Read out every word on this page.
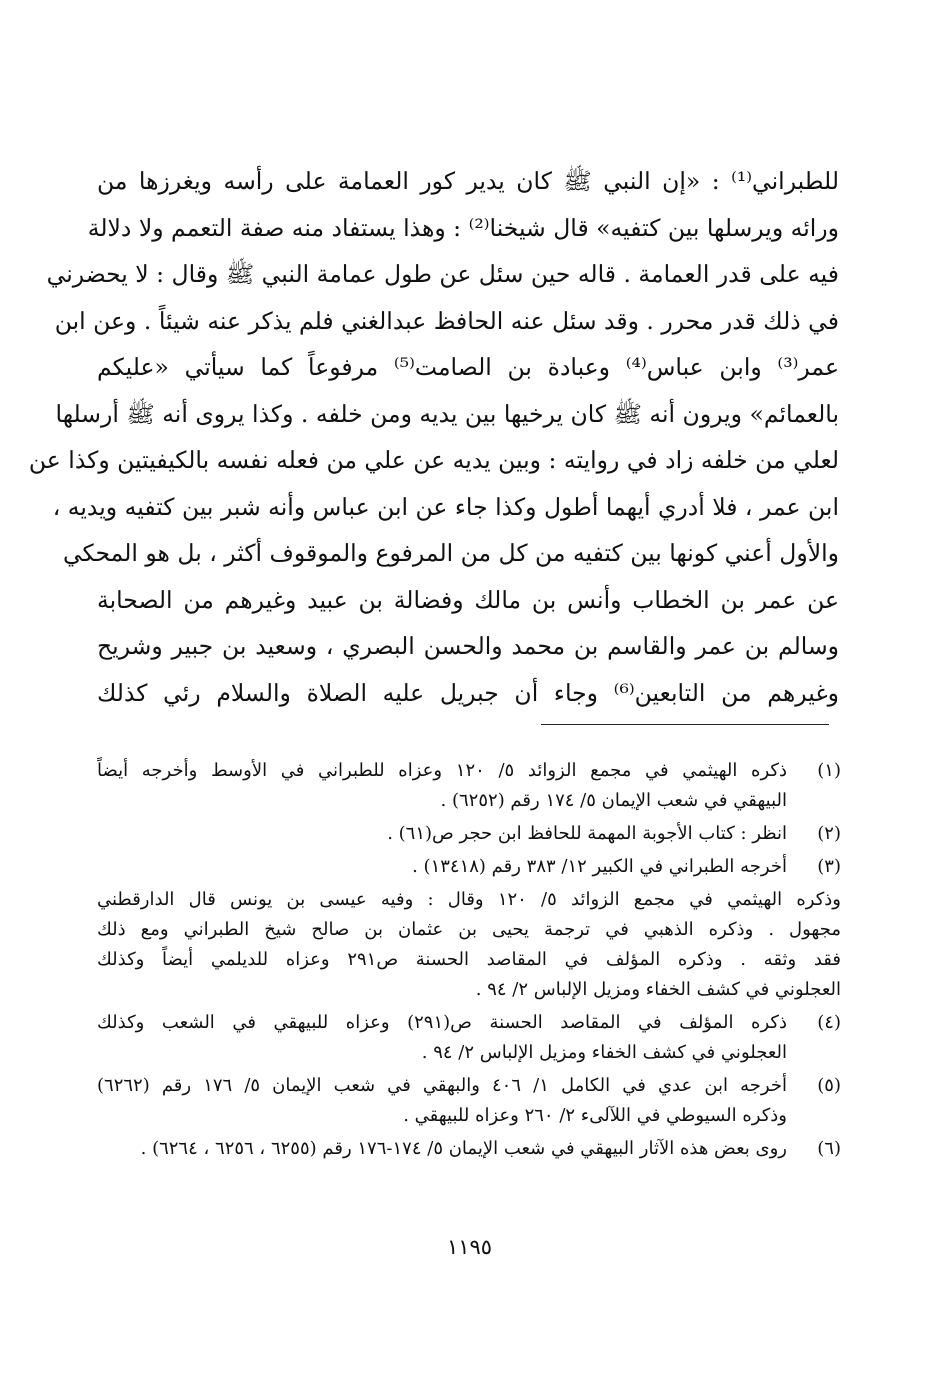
للطبراني⁽¹⁾ : «إن النبي ﷺ كان يدير كور العمامة على رأسه ويغرزها من
ورائه ويرسلها بين كتفيه» قال شيخنا⁽²⁾ : وهذا يستفاد منه صفة التعمم ولا دلالة
فيه على قدر العمامة . قاله حين سئل عن طول عمامة النبي ﷺ وقال : لا يحضرني
في ذلك قدر محرر . وقد سئل عنه الحافظ عبدالغني فلم يذكر عنه شيئاً . وعن ابن
عمر⁽³⁾ وابن عباس⁽⁴⁾ وعبادة بن الصامت⁽⁵⁾ مرفوعاً كما سيأتي «عليكم
بالعمائم» ويرون أنه ﷺ كان يرخيها بين يديه ومن خلفه . وكذا يروى أنه ﷺ أرسلها
لعلي من خلفه زاد في روايته : وبين يديه عن علي من فعله نفسه بالكيفيتين وكذا عن
ابن عمر ، فلا أدري أيهما أطول وكذا جاء عن ابن عباس وأنه شبر بين كتفيه ويديه ،
والأول أعني كونها بين كتفيه من كل من المرفوع والموقوف أكثر ، بل هو المحكي
عن عمر بن الخطاب وأنس بن مالك وفضالة بن عبيد وغيرهم من الصحابة
وسالم بن عمر والقاسم بن محمد والحسن البصري ، وسعيد بن جبير وشريح
وغيرهم من التابعين⁽⁶⁾ وجاء أن جبريل عليه الصلاة والسلام رئي كذلك
(١)
ذكره الهيثمي في مجمع الزوائد ٥/ ١٢٠ وعزاه للطبراني في الأوسط وأخرجه أيضاً
البيهقي في شعب الإيمان ٥/ ١٧٤ رقم (٦٢٥٢) .
(٢)
انظر : كتاب الأجوبة المهمة للحافظ ابن حجر ص(٦١) .
(٣)
أخرجه الطبراني في الكبير ١٢/ ٣٨٣ رقم (١٣٤١٨) .
وذكره الهيثمي في مجمع الزوائد ٥/ ١٢٠ وقال : وفيه عيسى بن يونس قال الدارقطني
مجهول . وذكره الذهبي في ترجمة يحيى بن عثمان بن صالح شيخ الطبراني ومع ذلك
فقد وثقه . وذكره المؤلف في المقاصد الحسنة ص٢٩١ وعزاه للديلمي أيضاً وكذلك
العجلوني في كشف الخفاء ومزيل الإلباس ٢/ ٩٤ .
(٤)
ذكره المؤلف في المقاصد الحسنة ص(٢٩١) وعزاه للبيهقي في الشعب وكذلك
العجلوني في كشف الخفاء ومزيل الإلباس ٢/ ٩٤ .
(٥)
أخرجه ابن عدي في الكامل ١/ ٤٠٦ والبهقي في شعب الإيمان ٥/ ١٧٦ رقم (٦٢٦٢)
وذكره السيوطي في اللآلىء ٢/ ٢٦٠ وعزاه للبيهقي .
(٦)
روى بعض هذه الآثار البيهقي في شعب الإيمان ٥/ ١٧٤-١٧٦ رقم (٦٢٥٥ ، ٦٢٥٦ ، ٦٢٦٤) .
١١٩٥
